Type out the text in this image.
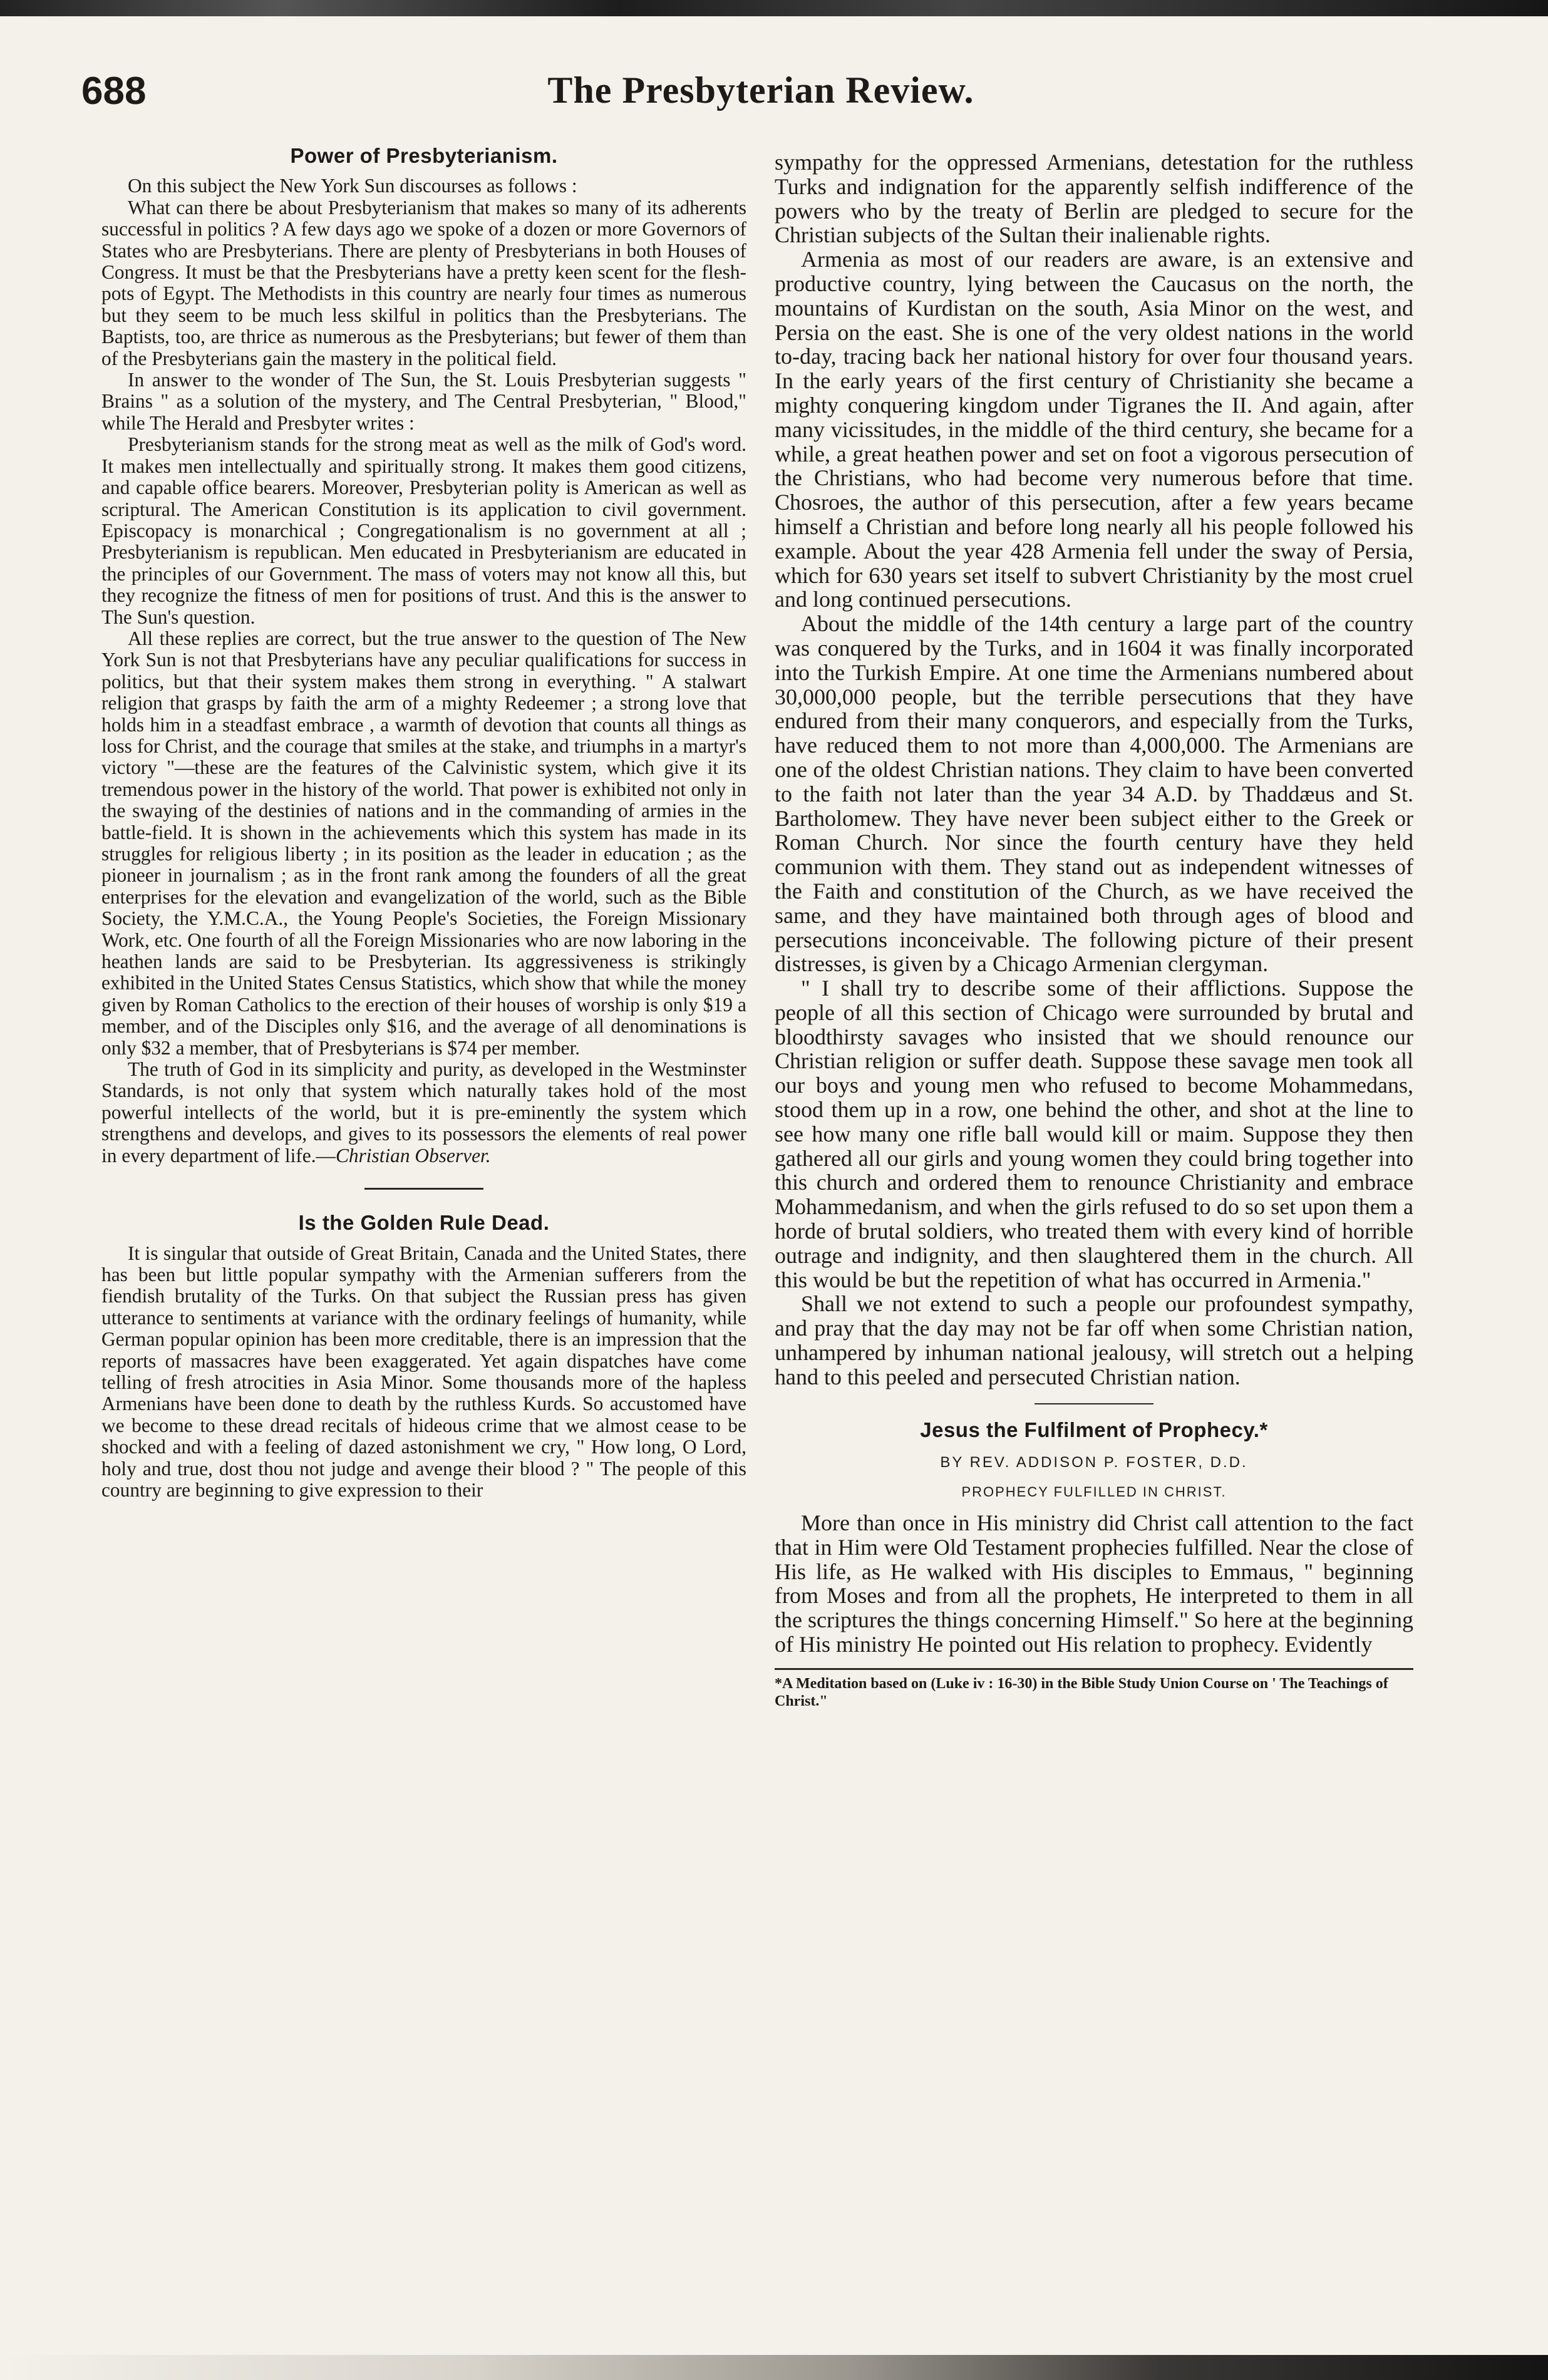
688	The Presbyterian Review.
Power of Presbyterianism.

On this subject the New York Sun discourses as follows :

What can there be about Presbyterianism that makes so many of its adherents successful in politics ? A few days ago we spoke of a dozen or more Governors of States who are Presbyterians. There are plenty of Presbyterians in both Houses of Congress. It must be that the Presbyterians have a pretty keen scent for the flesh-pots of Egypt. The Methodists in this country are nearly four times as numerous but they seem to be much less skilful in politics than the Presbyterians. The Baptists, too, are thrice as numerous as the Presbyterians; but fewer of them than of the Presbyterians gain the mastery in the political field.

In answer to the wonder of The Sun, the St. Louis Presbyterian suggests " Brains " as a solution of the mystery, and The Central Presbyterian, " Blood," while The Herald and Presbyter writes :

Presbyterianism stands for the strong meat as well as the milk of God's word. It makes men intellectually and spiritually strong. It makes them good citizens, and capable office bearers. Moreover, Presbyterian polity is American as well as scriptural. The American Constitution is its application to civil government. Episcopacy is monarchical ; Congregationalism is no government at all ; Presbyterianism is republican. Men educated in Presbyterianism are educated in the principles of our Government. The mass of voters may not know all this, but they recognize the fitness of men for positions of trust. And this is the answer to The Sun's question.

All these replies are correct, but the true answer to the question of The New York Sun is not that Presbyterians have any peculiar qualifications for success in politics, but that their system makes them strong in everything. " A stalwart religion that grasps by faith the arm of a mighty Redeemer ; a strong love that holds him in a steadfast embrace , a warmth of devotion that counts all things as loss for Christ, and the courage that smiles at the stake, and triumphs in a martyr's victory "—these are the features of the Calvinistic system, which give it its tremendous power in the history of the world. That power is exhibited not only in the swaying of the destinies of nations and in the commanding of armies in the battle-field. It is shown in the achievements which this system has made in its struggles for religious liberty ; in its position as the leader in education ; as the pioneer in journalism ; as in the front rank among the founders of all the great enterprises for the elevation and evangelization of the world, such as the Bible Society, the Y.M.C.A., the Young People's Societies, the Foreign Missionary Work, etc. One fourth of all the Foreign Missionaries who are now laboring in the heathen lands are said to be Presbyterian. Its aggressiveness is strikingly exhibited in the United States Census Statistics, which show that while the money given by Roman Catholics to the erection of their houses of worship is only $19 a member, and of the Disciples only $16, and the average of all denominations is only $32 a member, that of Presbyterians is $74 per member.

The truth of God in its simplicity and purity, as developed in the Westminster Standards, is not only that system which naturally takes hold of the most powerful intellects of the world, but it is pre-eminently the system which strengthens and develops, and gives to its possessors the elements of real power in every department of life.—Christian Observer.

Is the Golden Rule Dead.

It is singular that outside of Great Britain, Canada and the United States, there has been but little popular sympathy with the Armenian sufferers from the fiendish brutality of the Turks. On that subject the Russian press has given utterance to sentiments at variance with the ordinary feelings of humanity, while German popular opinion has been more creditable, there is an impression that the reports of massacres have been exaggerated. Yet again dispatches have come telling of fresh atrocities in Asia Minor. Some thousands more of the hapless Armenians have been done to death by the ruthless Kurds. So accustomed have we become to these dread recitals of hideous crime that we almost cease to be shocked and with a feeling of dazed astonishment we cry, " How long, O Lord, holy and true, dost thou not judge and avenge their blood ? " The people of this country are beginning to give expression to their

sympathy for the oppressed Armenians, detestation for the ruthless Turks and indignation for the apparently selfish indifference of the powers who by the treaty of Berlin are pledged to secure for the Christian subjects of the Sultan their inalienable rights.

Armenia as most of our readers are aware, is an extensive and productive country, lying between the Caucasus on the north, the mountains of Kurdistan on the south, Asia Minor on the west, and Persia on the east. She is one of the very oldest nations in the world to-day, tracing back her national history for over four thousand years. In the early years of the first century of Christianity she became a mighty conquering kingdom under Tigranes the II. And again, after many vicissitudes, in the middle of the third century, she became for a while, a great heathen power and set on foot a vigorous persecution of the Christians, who had become very numerous before that time. Chosroes, the author of this persecution, after a few years became himself a Christian and before long nearly all his people followed his example. About the year 428 Armenia fell under the sway of Persia, which for 630 years set itself to subvert Christianity by the most cruel and long continued persecutions.

About the middle of the 14th century a large part of the country was conquered by the Turks, and in 1604 it was finally incorporated into the Turkish Empire. At one time the Armenians numbered about 30,000,000 people, but the terrible persecutions that they have endured from their many conquerors, and especially from the Turks, have reduced them to not more than 4,000,000. The Armenians are one of the oldest Christian nations. They claim to have been converted to the faith not later than the year 34 A.D. by Thaddæus and St. Bartholomew. They have never been subject either to the Greek or Roman Church. Nor since the fourth century have they held communion with them. They stand out as independent witnesses of the Faith and constitution of the Church, as we have received the same, and they have maintained both through ages of blood and persecutions inconceivable. The following picture of their present distresses, is given by a Chicago Armenian clergyman.

" I shall try to describe some of their afflictions. Suppose the people of all this section of Chicago were surrounded by brutal and bloodthirsty savages who insisted that we should renounce our Christian religion or suffer death. Suppose these savage men took all our boys and young men who refused to become Mohammedans, stood them up in a row, one behind the other, and shot at the line to see how many one rifle ball would kill or maim. Suppose they then gathered all our girls and young women they could bring together into this church and ordered them to renounce Christianity and embrace Mohammedanism, and when the girls refused to do so set upon them a horde of brutal soldiers, who treated them with every kind of horrible outrage and indignity, and then slaughtered them in the church. All this would be but the repetition of what has occurred in Armenia."

Shall we not extend to such a people our profoundest sympathy, and pray that the day may not be far off when some Christian nation, unhampered by inhuman national jealousy, will stretch out a helping hand to this peeled and persecuted Christian nation.

Jesus the Fulfilment of Prophecy.*
BY REV. ADDISON P. FOSTER, D.D.
PROPHECY FULFILLED IN CHRIST.

More than once in His ministry did Christ call attention to the fact that in Him were Old Testament prophecies fulfilled. Near the close of His life, as He walked with His disciples to Emmaus, " beginning from Moses and from all the prophets, He interpreted to them in all the scriptures the things concerning Himself." So here at the beginning of His ministry He pointed out His relation to prophecy. Evidently

*A Meditation based on (Luke iv : 16-30) in the Bible Study Union Course on ' The Teachings of Christ."
